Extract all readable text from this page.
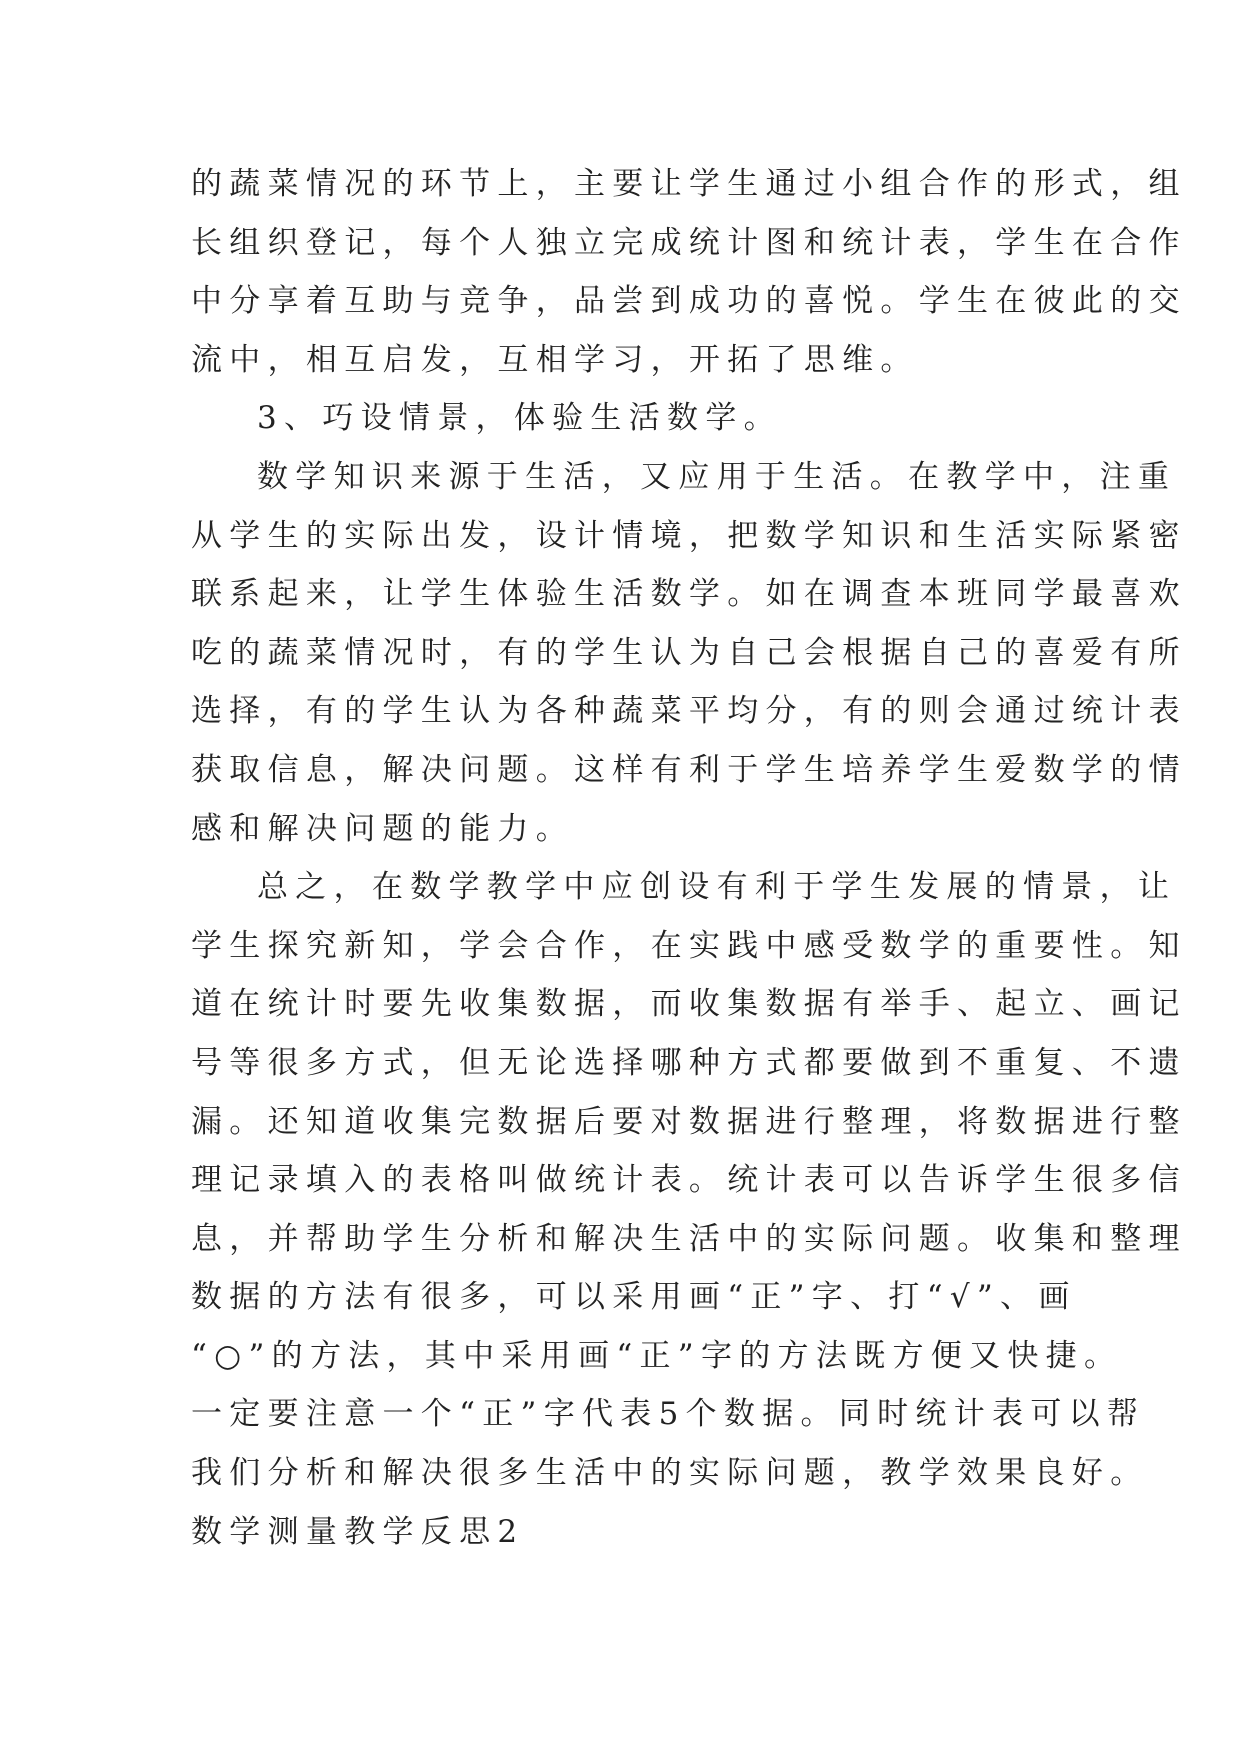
的蔬菜情况的环节上，主要让学生通过小组合作的形式，组
长组织登记，每个人独立完成统计图和统计表，学生在合作
中分享着互助与竞争，品尝到成功的喜悦。学生在彼此的交
流中，相互启发，互相学习，开拓了思维。
3、巧设情景，体验生活数学。
数学知识来源于生活，又应用于生活。在教学中，注重
从学生的实际出发，设计情境，把数学知识和生活实际紧密
联系起来，让学生体验生活数学。如在调查本班同学最喜欢
吃的蔬菜情况时，有的学生认为自己会根据自己的喜爱有所
选择，有的学生认为各种蔬菜平均分，有的则会通过统计表
获取信息，解决问题。这样有利于学生培养学生爱数学的情
感和解决问题的能力。
总之，在数学教学中应创设有利于学生发展的情景，让
学生探究新知，学会合作，在实践中感受数学的重要性。知
道在统计时要先收集数据，而收集数据有举手、起立、画记
号等很多方式，但无论选择哪种方式都要做到不重复、不遗
漏。还知道收集完数据后要对数据进行整理，将数据进行整
理记录填入的表格叫做统计表。统计表可以告诉学生很多信
息，并帮助学生分析和解决生活中的实际问题。收集和整理
数据的方法有很多，可以采用画“正”字、打“√”、画
“○”的方法，其中采用画“正”字的方法既方便又快捷。
一定要注意一个“正”字代表5个数据。同时统计表可以帮
我们分析和解决很多生活中的实际问题，教学效果良好。
数学测量教学反思2
